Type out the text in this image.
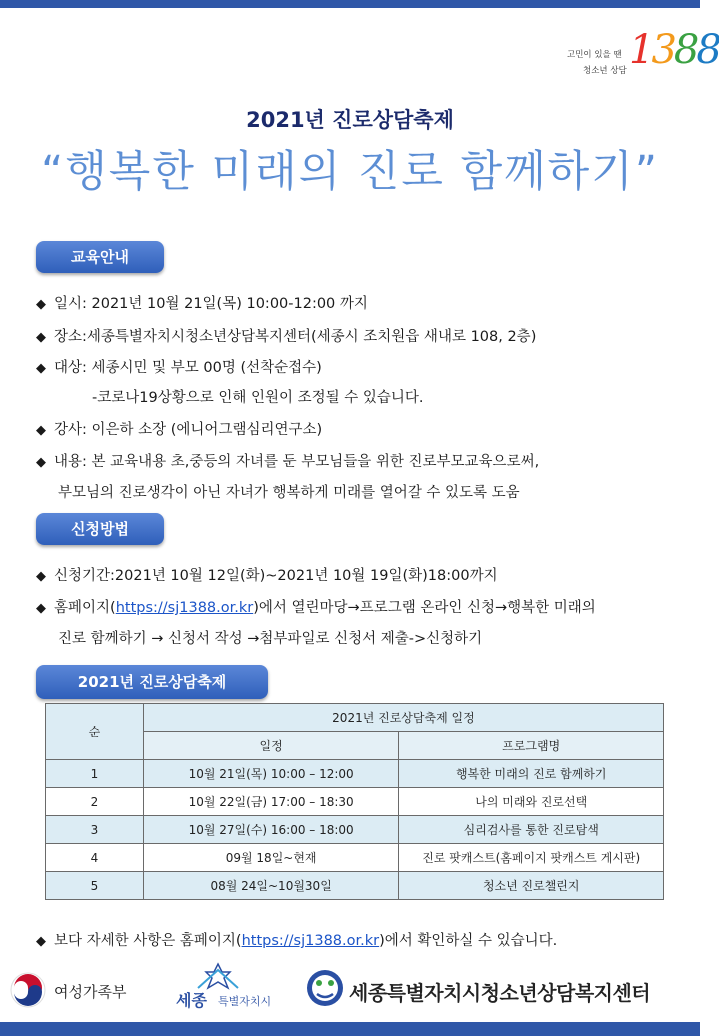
고민이 있을 땐
청소년 상담 1388
2021년 진로상담축제
“행복한 미래의 진로 함께하기”
교육안내
◆ 일시: 2021년 10월 21일(목) 10:00-12:00 까지
◆ 장소:세종특별자치시청소년상담복지센터(세종시 조치원읍 새내로 108, 2층)
◆ 대상: 세종시민 및 부모 00명 (선착순접수)
-코로나19상황으로 인해 인원이 조정될 수 있습니다.
◆ 강사: 이은하 소장 (에니어그램심리연구소)
◆ 내용: 본 교육내용 초,중등의 자녀를 둔 부모님들을 위한 진로부모교육으로써,
부모님의 진로생각이 아닌 자녀가 행복하게 미래를 열어갈 수 있도록 도움
신청방법
◆ 신청기간:2021년 10월 12일(화)~2021년 10월 19일(화)18:00까지
◆ 홈페이지(https://sj1388.or.kr)에서 열린마당→프로그램 온라인 신청→행복한 미래의
진로 함께하기 → 신청서 작성 →첨부파일로 신청서 제출->신청하기
2021년 진로상담축제
순	2021년 진로상담축제 일정	
	일정	프로그램명
1	10월 21일(목) 10:00 – 12:00	행복한 미래의 진로 함께하기
2	10월 22일(금) 17:00 – 18:30	나의 미래와 진로선택
3	10월 27일(수) 16:00 – 18:00	심리검사를 통한 진로탐색
4	09월 18일~현재	진로 팟캐스트(홈페이지 팟캐스트 게시판)
5	08월 24일~10월30일	청소년 진로챌린지
◆ 보다 자세한 사항은 홈페이지(https://sj1388.or.kr)에서 확인하실 수 있습니다.
여성가족부	세종 특별자치시	세종특별자치시청소년상담복지센터
